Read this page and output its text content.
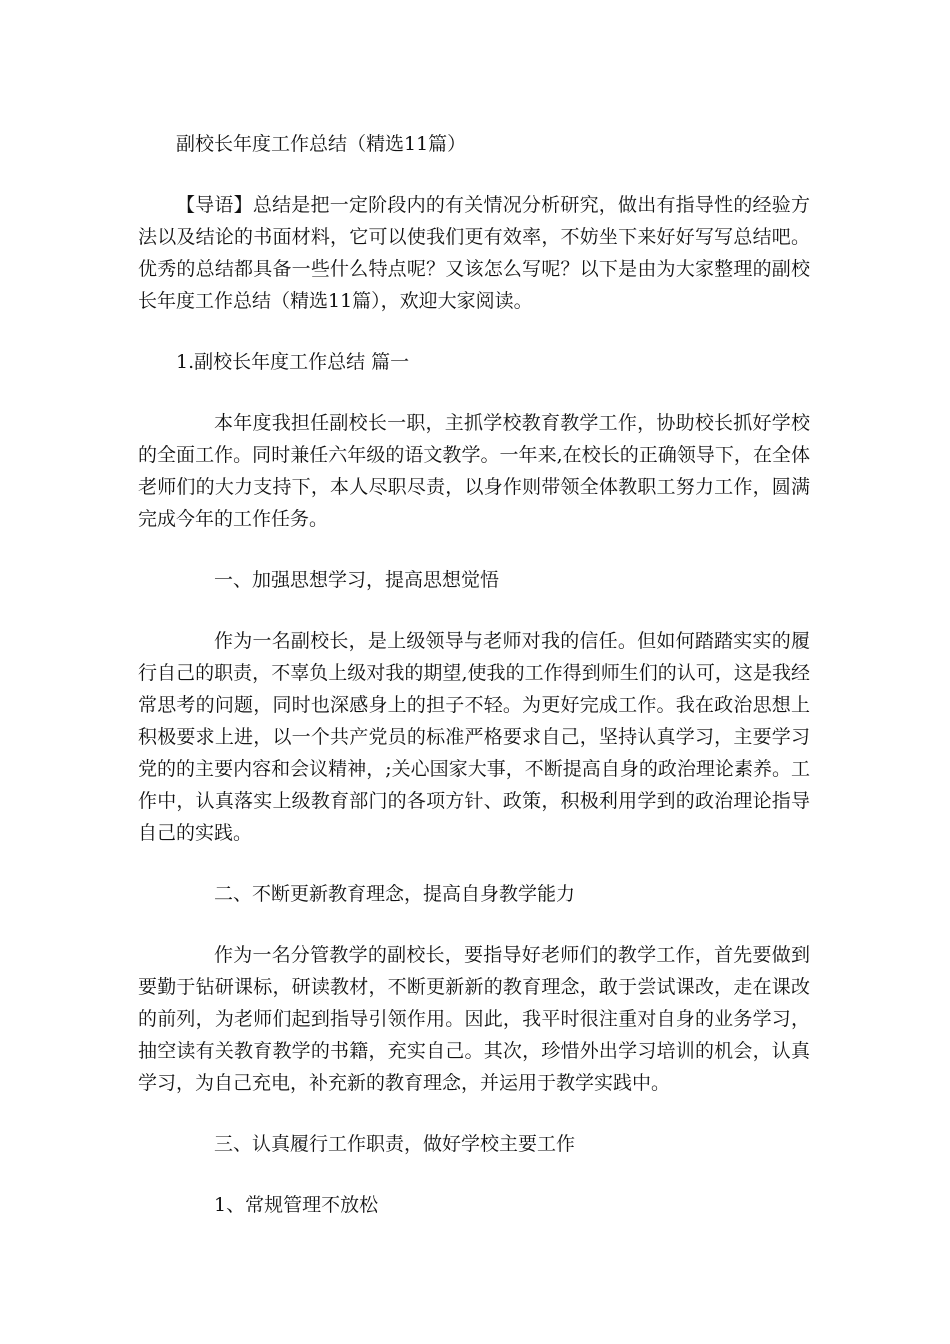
副校长年度工作总结（精选11篇）

【导语】总结是把一定阶段内的有关情况分析研究，做出有指导性的经验方法以及结论的书面材料，它可以使我们更有效率，不妨坐下来好好写写总结吧。优秀的总结都具备一些什么特点呢？又该怎么写呢？以下是由为大家整理的副校长年度工作总结（精选11篇），欢迎大家阅读。

1.副校长年度工作总结 篇一

本年度我担任副校长一职，主抓学校教育教学工作，协助校长抓好学校的全面工作。同时兼任六年级的语文教学。一年来,在校长的正确领导下，在全体老师们的大力支持下，本人尽职尽责，以身作则带领全体教职工努力工作，圆满完成今年的工作任务。

一、加强思想学习，提高思想觉悟

作为一名副校长，是上级领导与老师对我的信任。但如何踏踏实实的履行自己的职责，不辜负上级对我的期望,使我的工作得到师生们的认可，这是我经常思考的问题，同时也深感身上的担子不轻。为更好完成工作。我在政治思想上积极要求上进，以一个共产党员的标准严格要求自己，坚持认真学习，主要学习党的的主要内容和会议精神，;关心国家大事，不断提高自身的政治理论素养。工作中，认真落实上级教育部门的各项方针、政策，积极利用学到的政治理论指导自己的实践。

二、不断更新教育理念，提高自身教学能力

作为一名分管教学的副校长，要指导好老师们的教学工作，首先要做到要勤于钻研课标，研读教材，不断更新新的教育理念，敢于尝试课改，走在课改的前列，为老师们起到指导引领作用。因此，我平时很注重对自身的业务学习，抽空读有关教育教学的书籍，充实自己。其次，珍惜外出学习培训的机会，认真学习，为自己充电，补充新的教育理念，并运用于教学实践中。

三、认真履行工作职责，做好学校主要工作

1、常规管理不放松
